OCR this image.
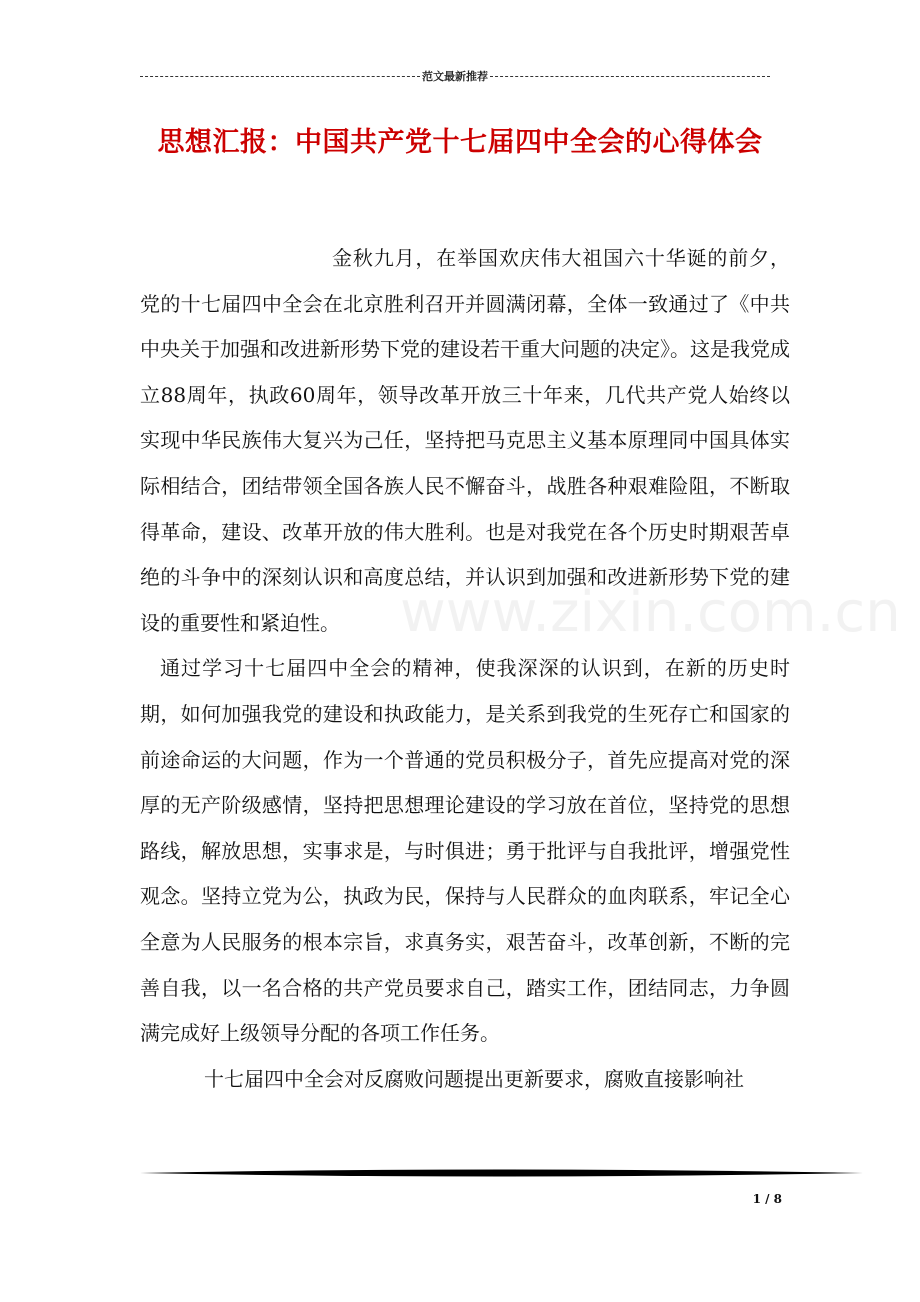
范文最新推荐
思想汇报：中国共产党十七届四中全会的心得体会
www.zixin.com.cn

金秋九月，在举国欢庆伟大祖国六十华诞的前夕，党的十七届四中全会在北京胜利召开并圆满闭幕，全体一致通过了《中共中央关于加强和改进新形势下党的建设若干重大问题的决定》。这是我党成立88周年，执政60周年，领导改革开放三十年来，几代共产党人始终以实现中华民族伟大复兴为己任，坚持把马克思主义基本原理同中国具体实际相结合，团结带领全国各族人民不懈奋斗，战胜各种艰难险阻，不断取得革命，建设、改革开放的伟大胜利。也是对我党在各个历史时期艰苦卓绝的斗争中的深刻认识和高度总结，并认识到加强和改进新形势下党的建设的重要性和紧迫性。

通过学习十七届四中全会的精神，使我深深的认识到，在新的历史时期，如何加强我党的建设和执政能力，是关系到我党的生死存亡和国家的前途命运的大问题，作为一个普通的党员积极分子，首先应提高对党的深厚的无产阶级感情，坚持把思想理论建设的学习放在首位，坚持党的思想路线，解放思想，实事求是，与时俱进；勇于批评与自我批评，增强党性观念。坚持立党为公，执政为民，保持与人民群众的血肉联系，牢记全心全意为人民服务的根本宗旨，求真务实，艰苦奋斗，改革创新，不断的完善自我，以一名合格的共产党员要求自己，踏实工作，团结同志，力争圆满完成好上级领导分配的各项工作任务。

十七届四中全会对反腐败问题提出更新要求，腐败直接影响社

1 / 8
